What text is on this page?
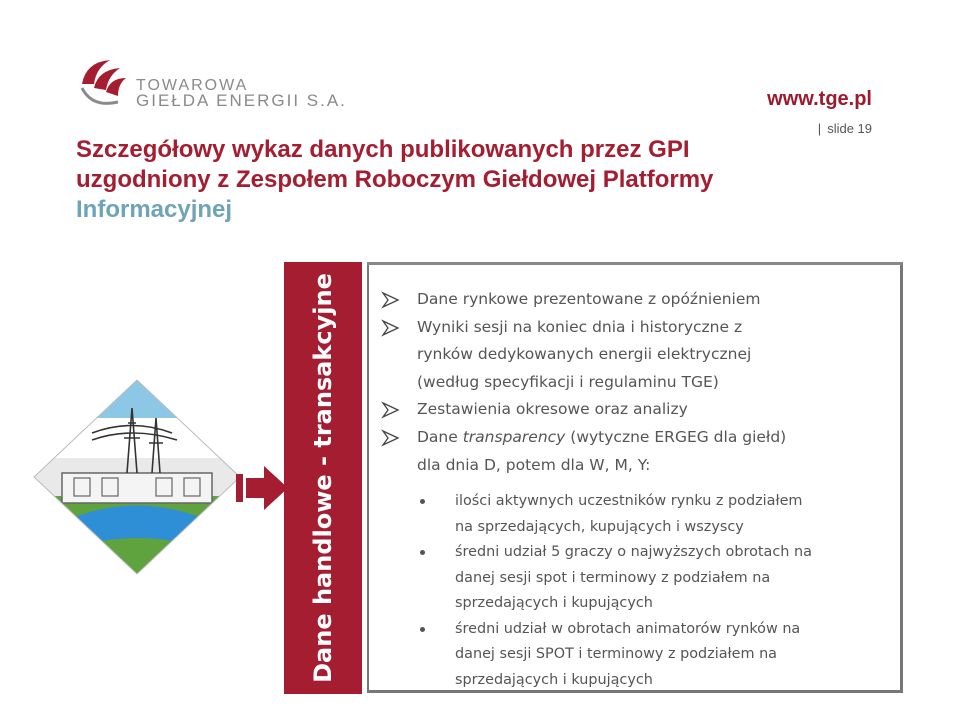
TOWAROWA
GIEŁDA ENERGII S.A.	www.tge.pl
| slide 19
Szczegółowy wykaz danych publikowanych przez GPI
uzgodniony z Zespołem Roboczym Giełdowej Platformy
Informacyjnej
Dane handlowe - transakcyjne	Dane rynkowe prezentowane z opóźnieniem
Wyniki sesji na koniec dnia i historyczne z
rynków dedykowanych energii elektrycznej
(według specyfikacji i regulaminu TGE)
Zestawienia okresowe oraz analizy
Dane transparency (wytyczne ERGEG dla giełd)
dla dnia D, potem dla W, M, Y:
ilości aktywnych uczestników rynku z podziałem
na sprzedających, kupujących i wszyscy
średni udział 5 graczy o najwyższych obrotach na
danej sesji spot i terminowy z podziałem na
sprzedających i kupujących
średni udział w obrotach animatorów rynków na
danej sesji SPOT i terminowy z podziałem na
sprzedających i kupujących
